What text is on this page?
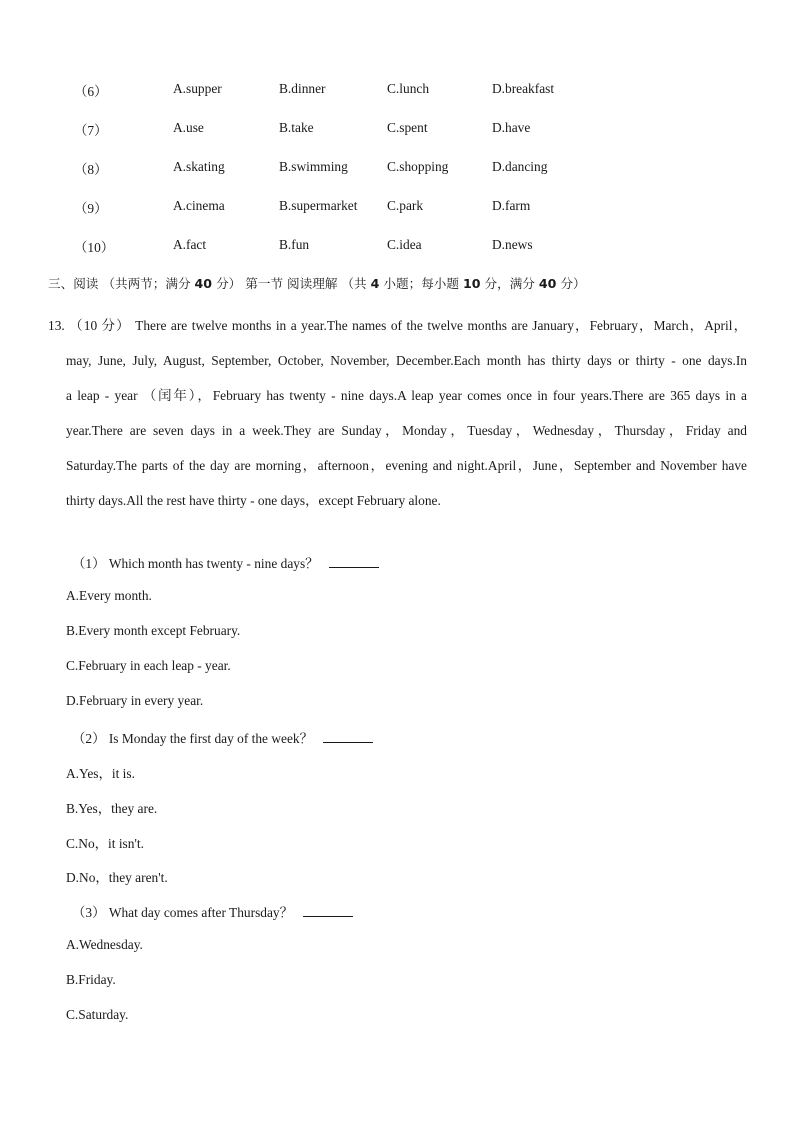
（6）	A.supper	B.dinner	C.lunch	D.breakfast
（7）	A.use	B.take	C.spent	D.have
（8）	A.skating	B.swimming	C.shopping	D.dancing
（9）	A.cinema	B.supermarket C.park	D.farm
（10）	A.fact	B.fun	C.idea	D.news
三、阅读 （共两节；满分 40 分） 第一节 阅读理解 （共 4 小题；每小题 10 分，满分 40 分）
13. （10 分） There are twelve months in a year.The names of the twelve months are January，February，March，April，
may, June, July, August, September, October, November, December.Each month has thirty days or thirty - one days.In
a leap - year （闰年），February has twenty - nine days.A leap year comes once in four years.There are 365 days in a
year.There are seven days in a week.They are Sunday，Monday，Tuesday，Wednesday，Thursday，Friday and
Saturday.The parts of the day are morning，afternoon，evening and night.April，June，September and November have
thirty days.All the rest have thirty - one days，except February alone.
（1） Which month has twenty - nine days？
A.Every month.
B.Every month except February.
C.February in each leap - year.
D.February in every year.
（2） Is Monday the first day of the week？
A.Yes，it is.
B.Yes，they are.
C.No，it isn't.
D.No，they aren't.
（3） What day comes after Thursday？
A.Wednesday.
B.Friday.
C.Saturday.
